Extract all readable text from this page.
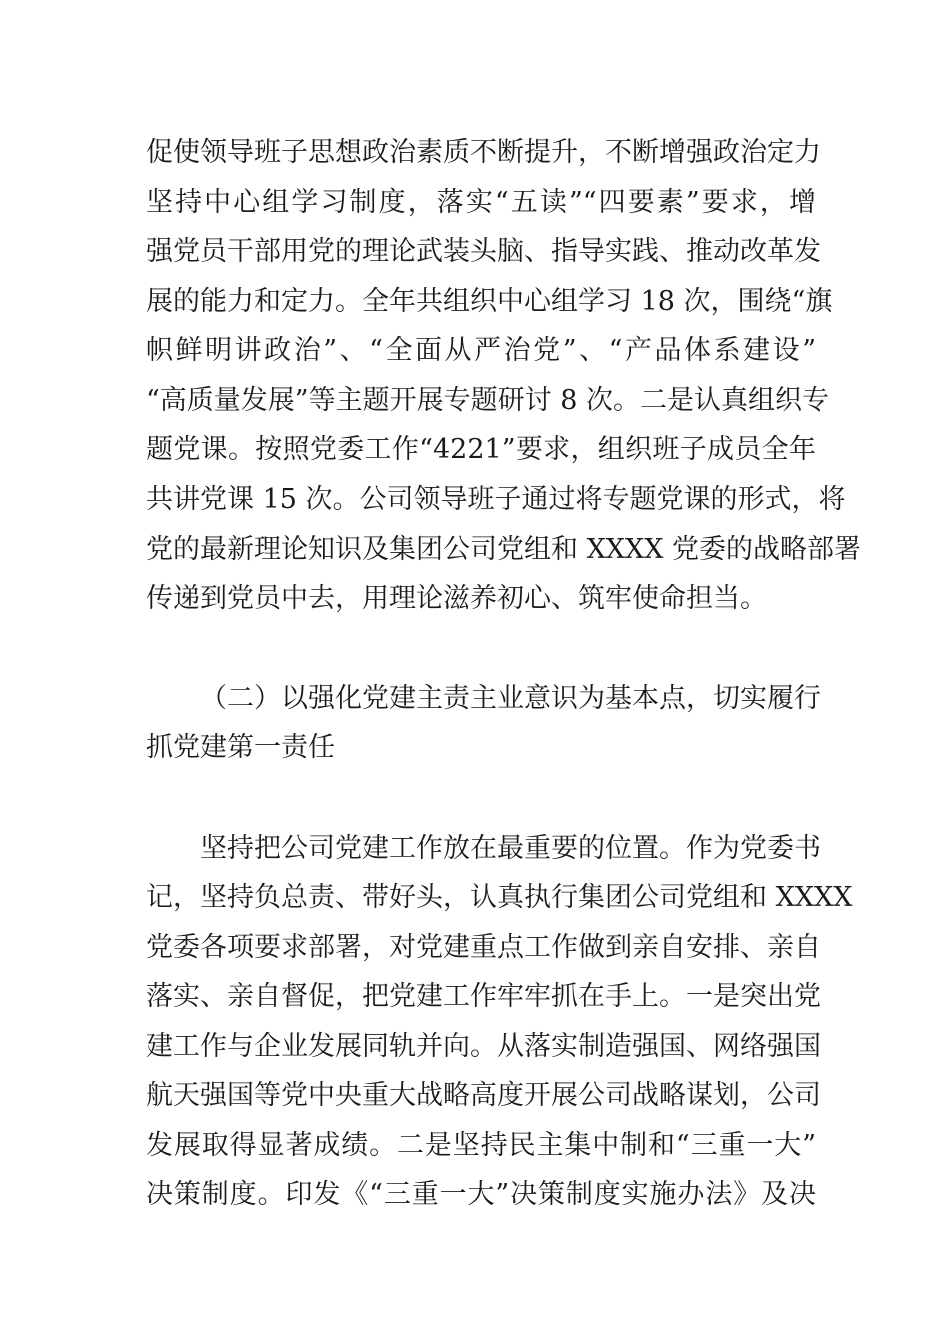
促使领导班子思想政治素质不断提升，不断增强政治定力
坚持中心组学习制度，落实“五读”“四要素”要求，增
强党员干部用党的理论武装头脑、指导实践、推动改革发
展的能力和定力。全年共组织中心组学习 18 次，围绕“旗
帜鲜明讲政治”、“全面从严治党”、“产品体系建设”
“高质量发展”等主题开展专题研讨 8 次。二是认真组织专
题党课。按照党委工作“4221”要求，组织班子成员全年
共讲党课 15 次。公司领导班子通过将专题党课的形式，将
党的最新理论知识及集团公司党组和 XXXX 党委的战略部署
传递到党员中去，用理论滋养初心、筑牢使命担当。
（二）以强化党建主责主业意识为基本点，切实履行
抓党建第一责任
坚持把公司党建工作放在最重要的位置。作为党委书
记，坚持负总责、带好头，认真执行集团公司党组和 XXXX
党委各项要求部署，对党建重点工作做到亲自安排、亲自
落实、亲自督促，把党建工作牢牢抓在手上。一是突出党
建工作与企业发展同轨并向。从落实制造强国、网络强国
航天强国等党中央重大战略高度开展公司战略谋划，公司
发展取得显著成绩。二是坚持民主集中制和“三重一大”
决策制度。印发《“三重一大”决策制度实施办法》及决
